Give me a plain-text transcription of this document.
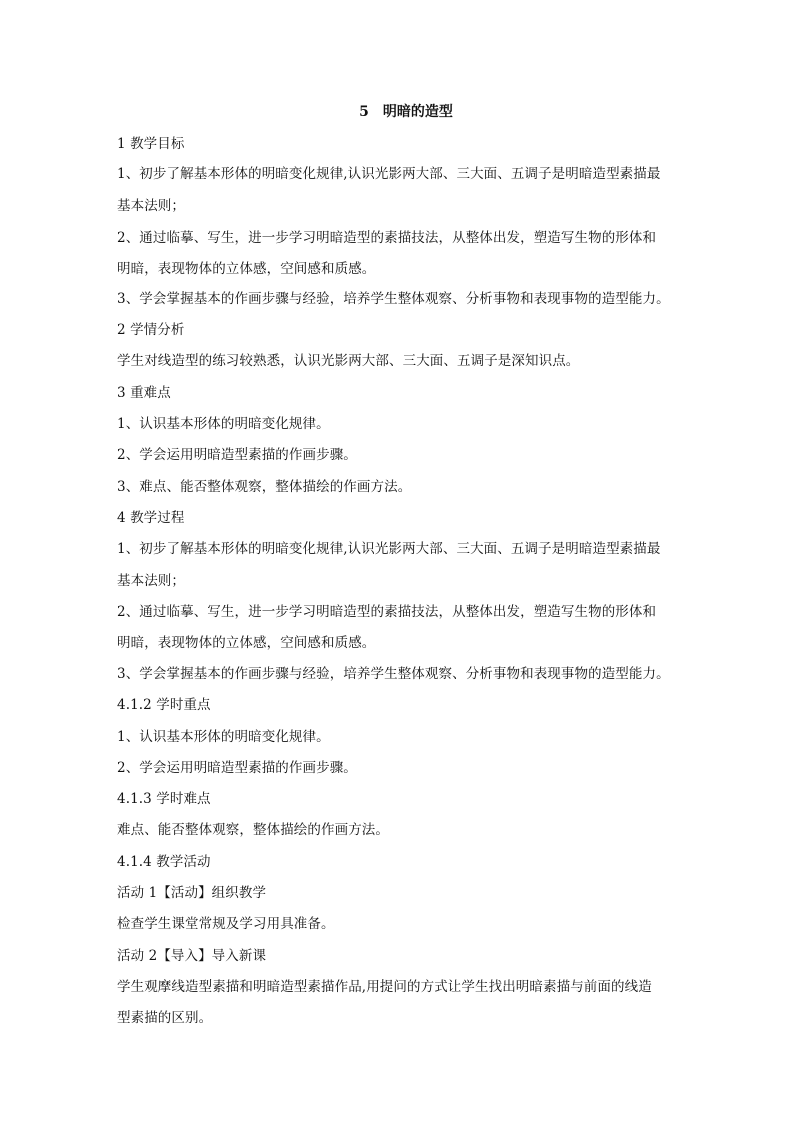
5　明暗的造型
1 教学目标
1、初步了解基本形体的明暗变化规律,认识光影两大部、三大面、五调子是明暗造型素描最
基本法则；
2、通过临摹、写生，进一步学习明暗造型的素描技法，从整体出发，塑造写生物的形体和
明暗，表现物体的立体感，空间感和质感。
3、学会掌握基本的作画步骤与经验，培养学生整体观察、分析事物和表现事物的造型能力。
2 学情分析
学生对线造型的练习较熟悉，认识光影两大部、三大面、五调子是深知识点。
3 重难点
1、认识基本形体的明暗变化规律。
2、学会运用明暗造型素描的作画步骤。
3、难点、能否整体观察，整体描绘的作画方法。
4 教学过程
1、初步了解基本形体的明暗变化规律,认识光影两大部、三大面、五调子是明暗造型素描最
基本法则；
2、通过临摹、写生，进一步学习明暗造型的素描技法，从整体出发，塑造写生物的形体和
明暗，表现物体的立体感，空间感和质感。
3、学会掌握基本的作画步骤与经验，培养学生整体观察、分析事物和表现事物的造型能力。
4.1.2 学时重点
1、认识基本形体的明暗变化规律。
2、学会运用明暗造型素描的作画步骤。
4.1.3 学时难点
难点、能否整体观察，整体描绘的作画方法。
4.1.4 教学活动
活动 1【活动】组织教学
检查学生课堂常规及学习用具准备。
活动 2【导入】导入新课
学生观摩线造型素描和明暗造型素描作品,用提问的方式让学生找出明暗素描与前面的线造
型素描的区别。
